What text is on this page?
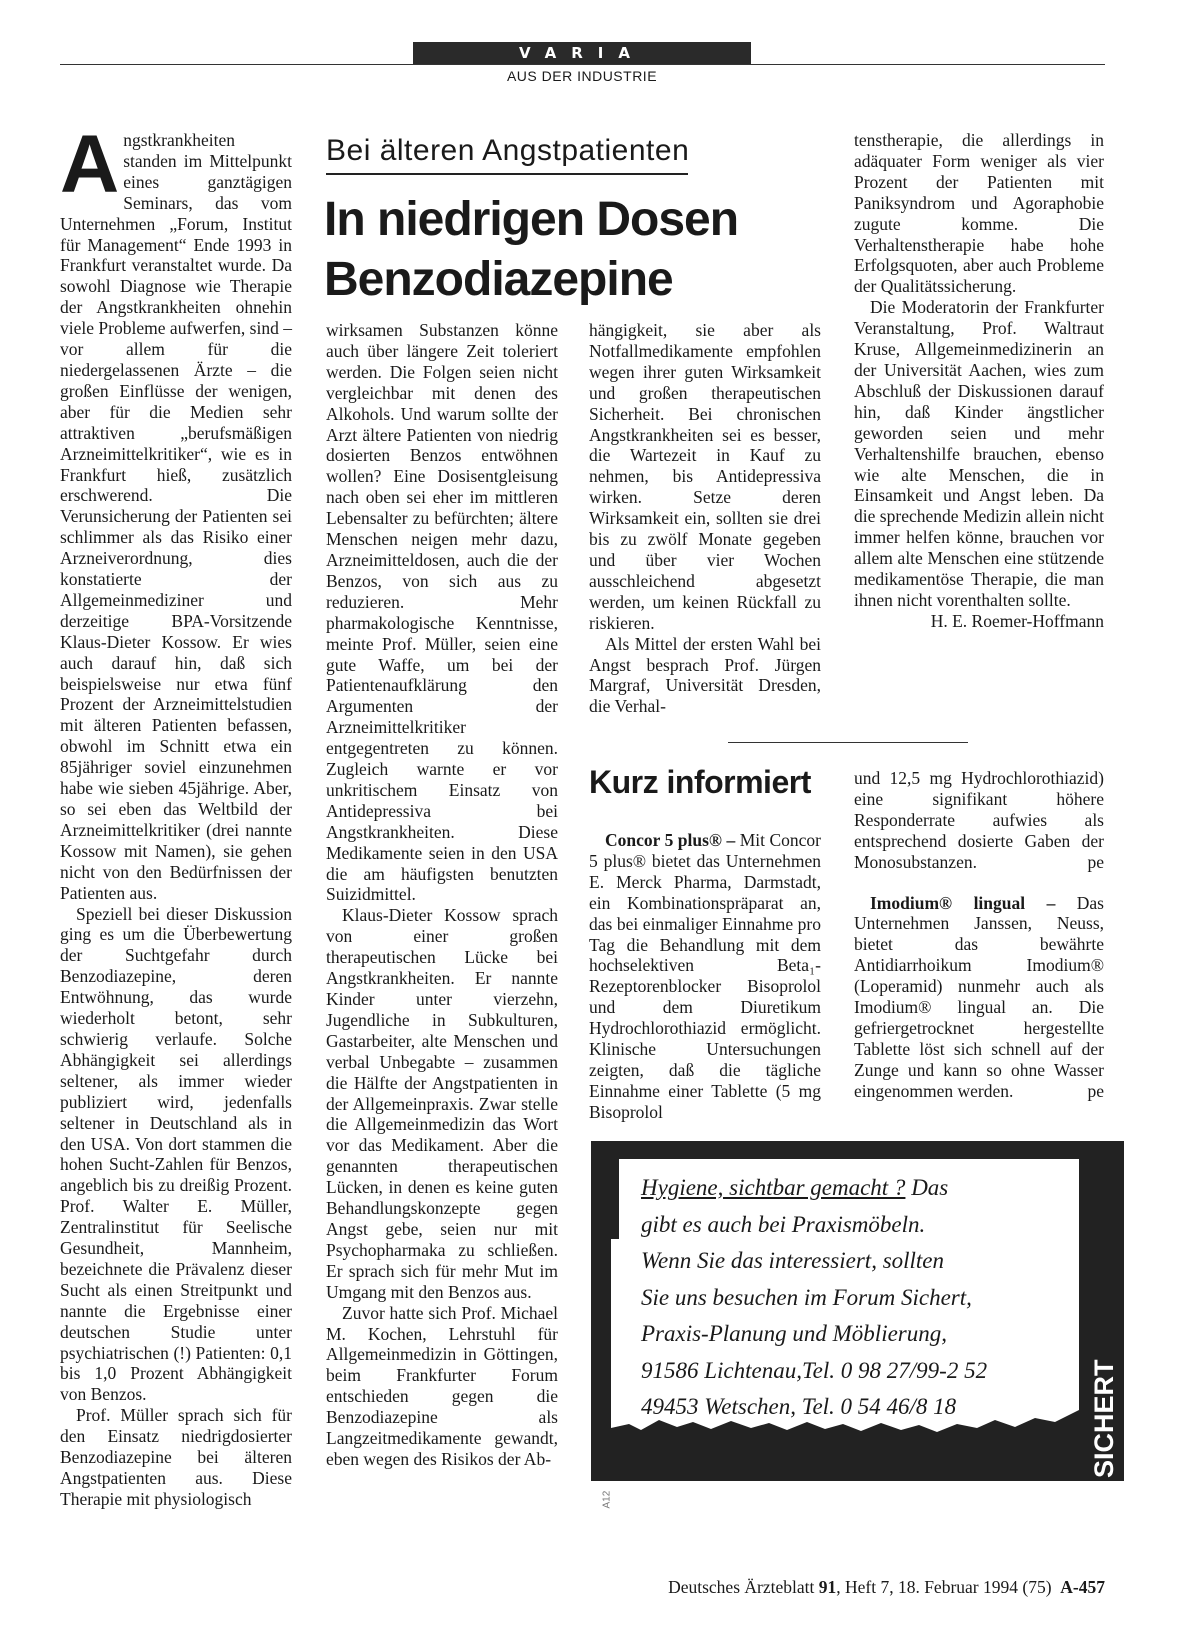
VARIA
AUS DER INDUSTRIE

Angstkrankheiten standen im Mittelpunkt eines ganztägigen Seminars, das vom Unternehmen „Forum, Institut für Management“ Ende 1993 in Frankfurt veranstaltet wurde. Da sowohl Diagnose wie Therapie der Angstkrankheiten ohnehin viele Probleme aufwerfen, sind – vor allem für die niedergelassenen Ärzte – die großen Einflüsse der wenigen, aber für die Medien sehr attraktiven „berufsmäßigen Arzneimittelkritiker“, wie es in Frankfurt hieß, zusätzlich erschwerend. Die Verunsicherung der Patienten sei schlimmer als das Risiko einer Arzneiverordnung, dies konstatierte der Allgemeinmediziner und derzeitige BPA-Vorsitzende Klaus-Dieter Kossow. Er wies auch darauf hin, daß sich beispielsweise nur etwa fünf Prozent der Arzneimittelstudien mit älteren Patienten befassen, obwohl im Schnitt etwa ein 85jähriger soviel einzunehmen habe wie sieben 45jährige. Aber, so sei eben das Weltbild der Arzneimittelkritiker (drei nannte Kossow mit Namen), sie gehen nicht von den Bedürfnissen der Patienten aus.

Speziell bei dieser Diskussion ging es um die Überbewertung der Suchtgefahr durch Benzodiazepine, deren Entwöhnung, das wurde wiederholt betont, sehr schwierig verlaufe. Solche Abhängigkeit sei allerdings seltener, als immer wieder publiziert wird, jedenfalls seltener in Deutschland als in den USA. Von dort stammen die hohen Sucht-Zahlen für Benzos, angeblich bis zu dreißig Prozent. Prof. Walter E. Müller, Zentralinstitut für Seelische Gesundheit, Mannheim, bezeichnete die Prävalenz dieser Sucht als einen Streitpunkt und nannte die Ergebnisse einer deutschen Studie unter psychiatrischen (!) Patienten: 0,1 bis 1,0 Prozent Abhängigkeit von Benzos.

Prof. Müller sprach sich für den Einsatz niedrigdosierter Benzodiazepine bei älteren Angstpatienten aus. Diese Therapie mit physiologisch

Bei älteren Angstpatienten
In niedrigen Dosen
Benzodiazepine

wirksamen Substanzen könne auch über längere Zeit toleriert werden. Die Folgen seien nicht vergleichbar mit denen des Alkohols. Und warum sollte der Arzt ältere Patienten von niedrig dosierten Benzos entwöhnen wollen? Eine Dosisentgleisung nach oben sei eher im mittleren Lebensalter zu befürchten; ältere Menschen neigen mehr dazu, Arzneimitteldosen, auch die der Benzos, von sich aus zu reduzieren. Mehr pharmakologische Kenntnisse, meinte Prof. Müller, seien eine gute Waffe, um bei der Patientenaufklärung den Argumenten der Arzneimittelkritiker entgegentreten zu können. Zugleich warnte er vor unkritischem Einsatz von Antidepressiva bei Angstkrankheiten. Diese Medikamente seien in den USA die am häufigsten benutzten Suizidmittel.

Klaus-Dieter Kossow sprach von einer großen therapeutischen Lücke bei Angstkrankheiten. Er nannte Kinder unter vierzehn, Jugendliche in Subkulturen, Gastarbeiter, alte Menschen und verbal Unbegabte – zusammen die Hälfte der Angstpatienten in der Allgemeinpraxis. Zwar stelle die Allgemeinmedizin das Wort vor das Medikament. Aber die genannten therapeutischen Lücken, in denen es keine guten Behandlungskonzepte gegen Angst gebe, seien nur mit Psychopharmaka zu schließen. Er sprach sich für mehr Mut im Umgang mit den Benzos aus.

Zuvor hatte sich Prof. Michael M. Kochen, Lehrstuhl für Allgemeinmedizin in Göttingen, beim Frankfurter Forum entschieden gegen die Benzodiazepine als Langzeitmedikamente gewandt, eben wegen des Risikos der Ab-

hängigkeit, sie aber als Notfallmedikamente empfohlen wegen ihrer guten Wirksamkeit und großen therapeutischen Sicherheit. Bei chronischen Angstkrankheiten sei es besser, die Wartezeit in Kauf zu nehmen, bis Antidepressiva wirken. Setze deren Wirksamkeit ein, sollten sie drei bis zu zwölf Monate gegeben und über vier Wochen ausschleichend abgesetzt werden, um keinen Rückfall zu riskieren.

Als Mittel der ersten Wahl bei Angst besprach Prof. Jürgen Margraf, Universität Dresden, die Verhal-

tenstherapie, die allerdings in adäquater Form weniger als vier Prozent der Patienten mit Paniksyndrom und Agoraphobie zugute komme. Die Verhaltenstherapie habe hohe Erfolgsquoten, aber auch Probleme der Qualitätssicherung.

Die Moderatorin der Frankfurter Veranstaltung, Prof. Waltraut Kruse, Allgemeinmedizinerin an der Universität Aachen, wies zum Abschluß der Diskussionen darauf hin, daß Kinder ängstlicher geworden seien und mehr Verhaltenshilfe brauchen, ebenso wie alte Menschen, die in Einsamkeit und Angst leben. Da die sprechende Medizin allein nicht immer helfen könne, brauchen vor allem alte Menschen eine stützende medikamentöse Therapie, die man ihnen nicht vorenthalten sollte.

H. E. Roemer-Hoffmann

Kurz informiert

Concor 5 plus® – Mit Concor 5 plus® bietet das Unternehmen E. Merck Pharma, Darmstadt, ein Kombinationspräparat an, das bei einmaliger Einnahme pro Tag die Behandlung mit dem hochselektiven Beta₁-Rezeptorenblocker Bisoprolol und dem Diuretikum Hydrochlorothiazid ermöglicht. Klinische Untersuchungen zeigten, daß die tägliche Einnahme einer Tablette (5 mg Bisoprolol

und 12,5 mg Hydrochlorothiazid) eine signifikant höhere Responderrate aufwies als entsprechend dosierte Gaben der Monosubstanzen.	pe

Imodium® lingual – Das Unternehmen Janssen, Neuss, bietet das bewährte Antidiarrhoikum Imodium® (Loperamid) nunmehr auch als Imodium® lingual an. Die gefriergetrocknet hergestellte Tablette löst sich schnell auf der Zunge und kann so ohne Wasser eingenommen werden.	pe

Hygiene, sichtbar gemacht ? Das
gibt es auch bei Praxismöbeln.
Wenn Sie das interessiert, sollten
Sie uns besuchen im Forum Sichert,
Praxis-Planung und Möblierung,
91586 Lichtenau,Tel. 0 98 27/99-2 52
49453 Wetschen, Tel. 0 54 46/8 18	SICHERT
A12
Deutsches Ärzteblatt 91, Heft 7, 18. Februar 1994 (75) A-457
